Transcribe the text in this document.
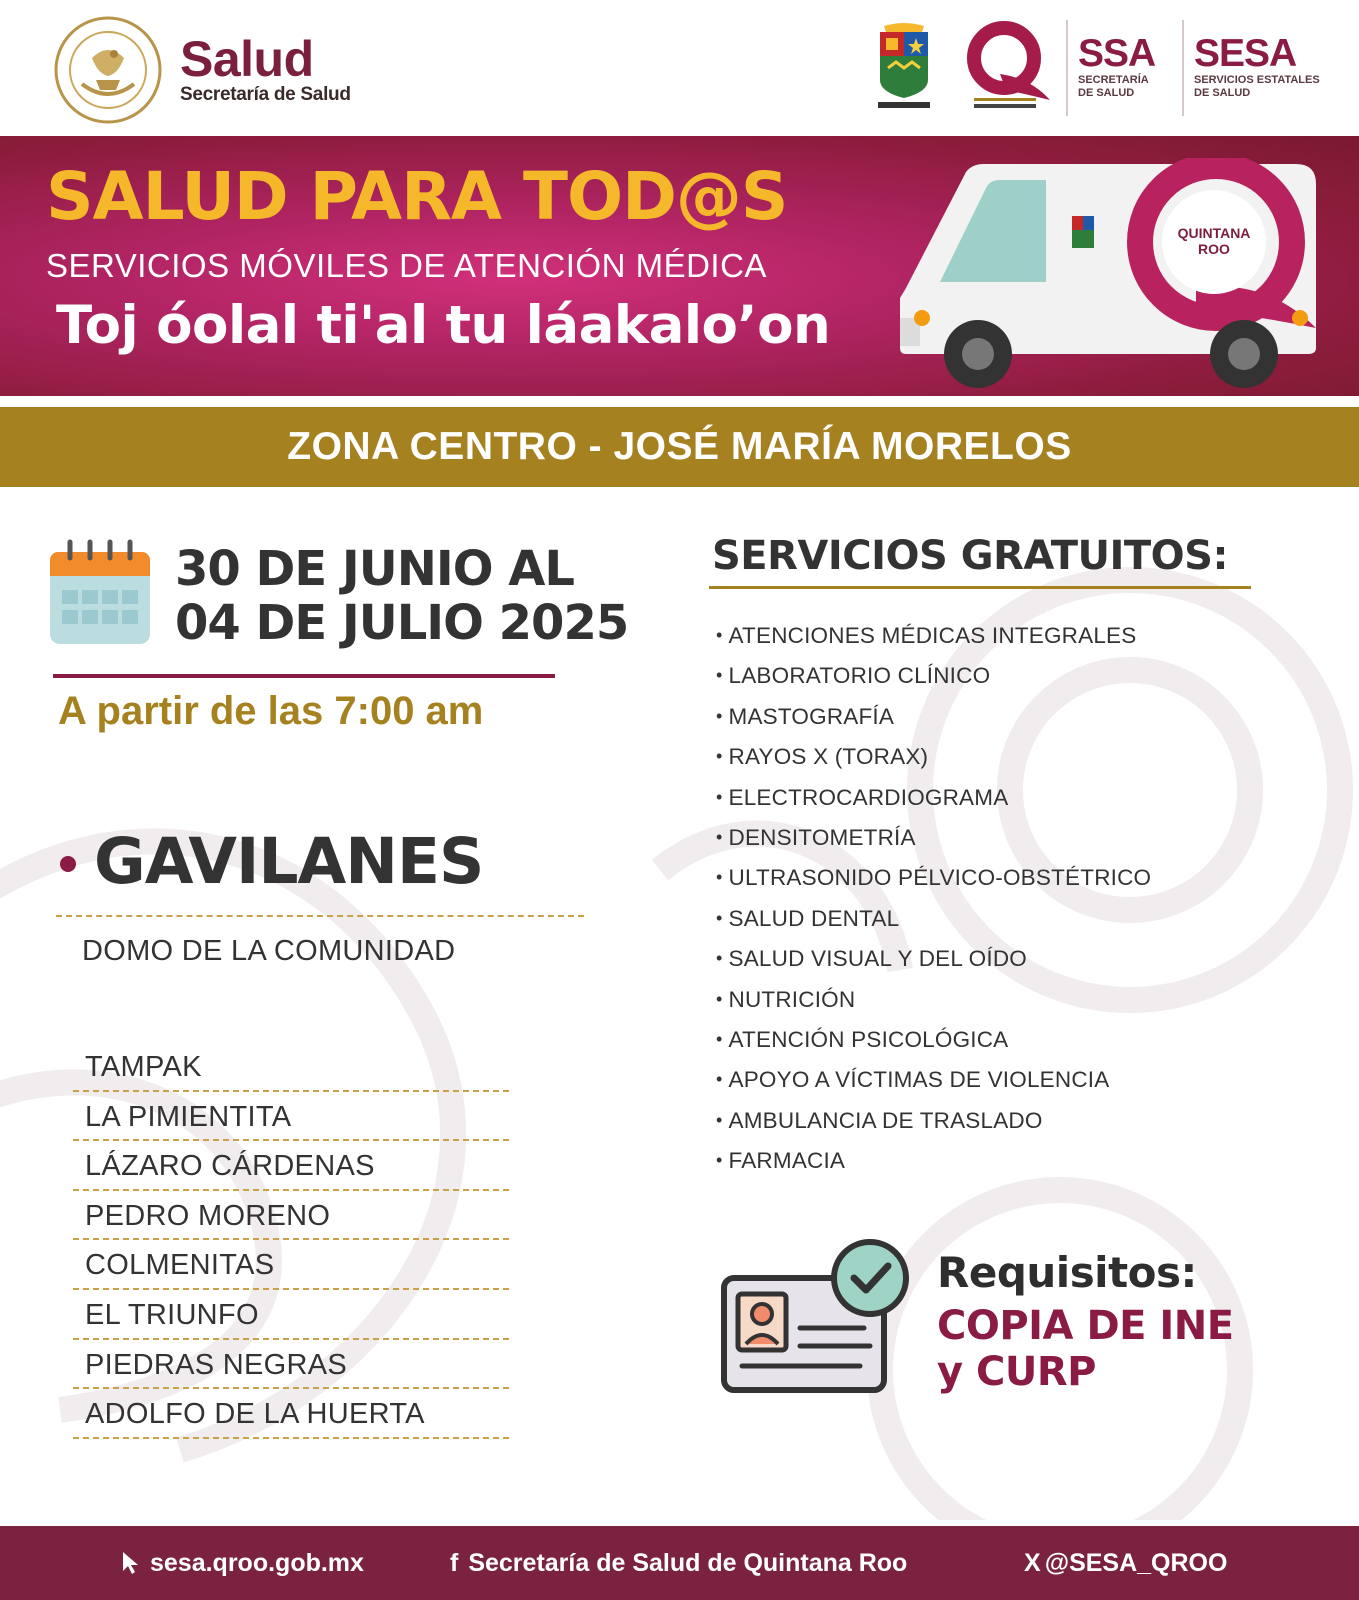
Salud
Secretaría de Salud
SSA
SECRETARÍA
DE SALUD
SESA
SERVICIOS ESTATALES
DE SALUD
SALUD PARA TOD@S
SERVICIOS MÓVILES DE ATENCIÓN MÉDICA
Toj óolal ti'al tu láakalo’on
QUINTANA
ROO
ZONA CENTRO - JOSÉ MARÍA MORELOS
30 DE JUNIO AL
04 DE JULIO 2025
A partir de las 7:00 am
GAVILANES
DOMO DE LA COMUNIDAD
TAMPAK
LA PIMIENTITA
LÁZARO CÁRDENAS
PEDRO MORENO
COLMENITAS
EL TRIUNFO
PIEDRAS NEGRAS
ADOLFO DE LA HUERTA
SERVICIOS GRATUITOS:
• ATENCIONES MÉDICAS INTEGRALES
• LABORATORIO CLÍNICO
• MASTOGRAFÍA
• RAYOS X (TORAX)
• ELECTROCARDIOGRAMA
• DENSITOMETRÍA
• ULTRASONIDO PÉLVICO-OBSTÉTRICO
• SALUD DENTAL
• SALUD VISUAL Y DEL OÍDO
• NUTRICIÓN
• ATENCIÓN PSICOLÓGICA
• APOYO A VÍCTIMAS DE VIOLENCIA
• AMBULANCIA DE TRASLADO
• FARMACIA
Requisitos:
COPIA DE INE
y CURP
sesa.qroo.gob.mx	f Secretaría de Salud de Quintana Roo	X @SESA_QROO
